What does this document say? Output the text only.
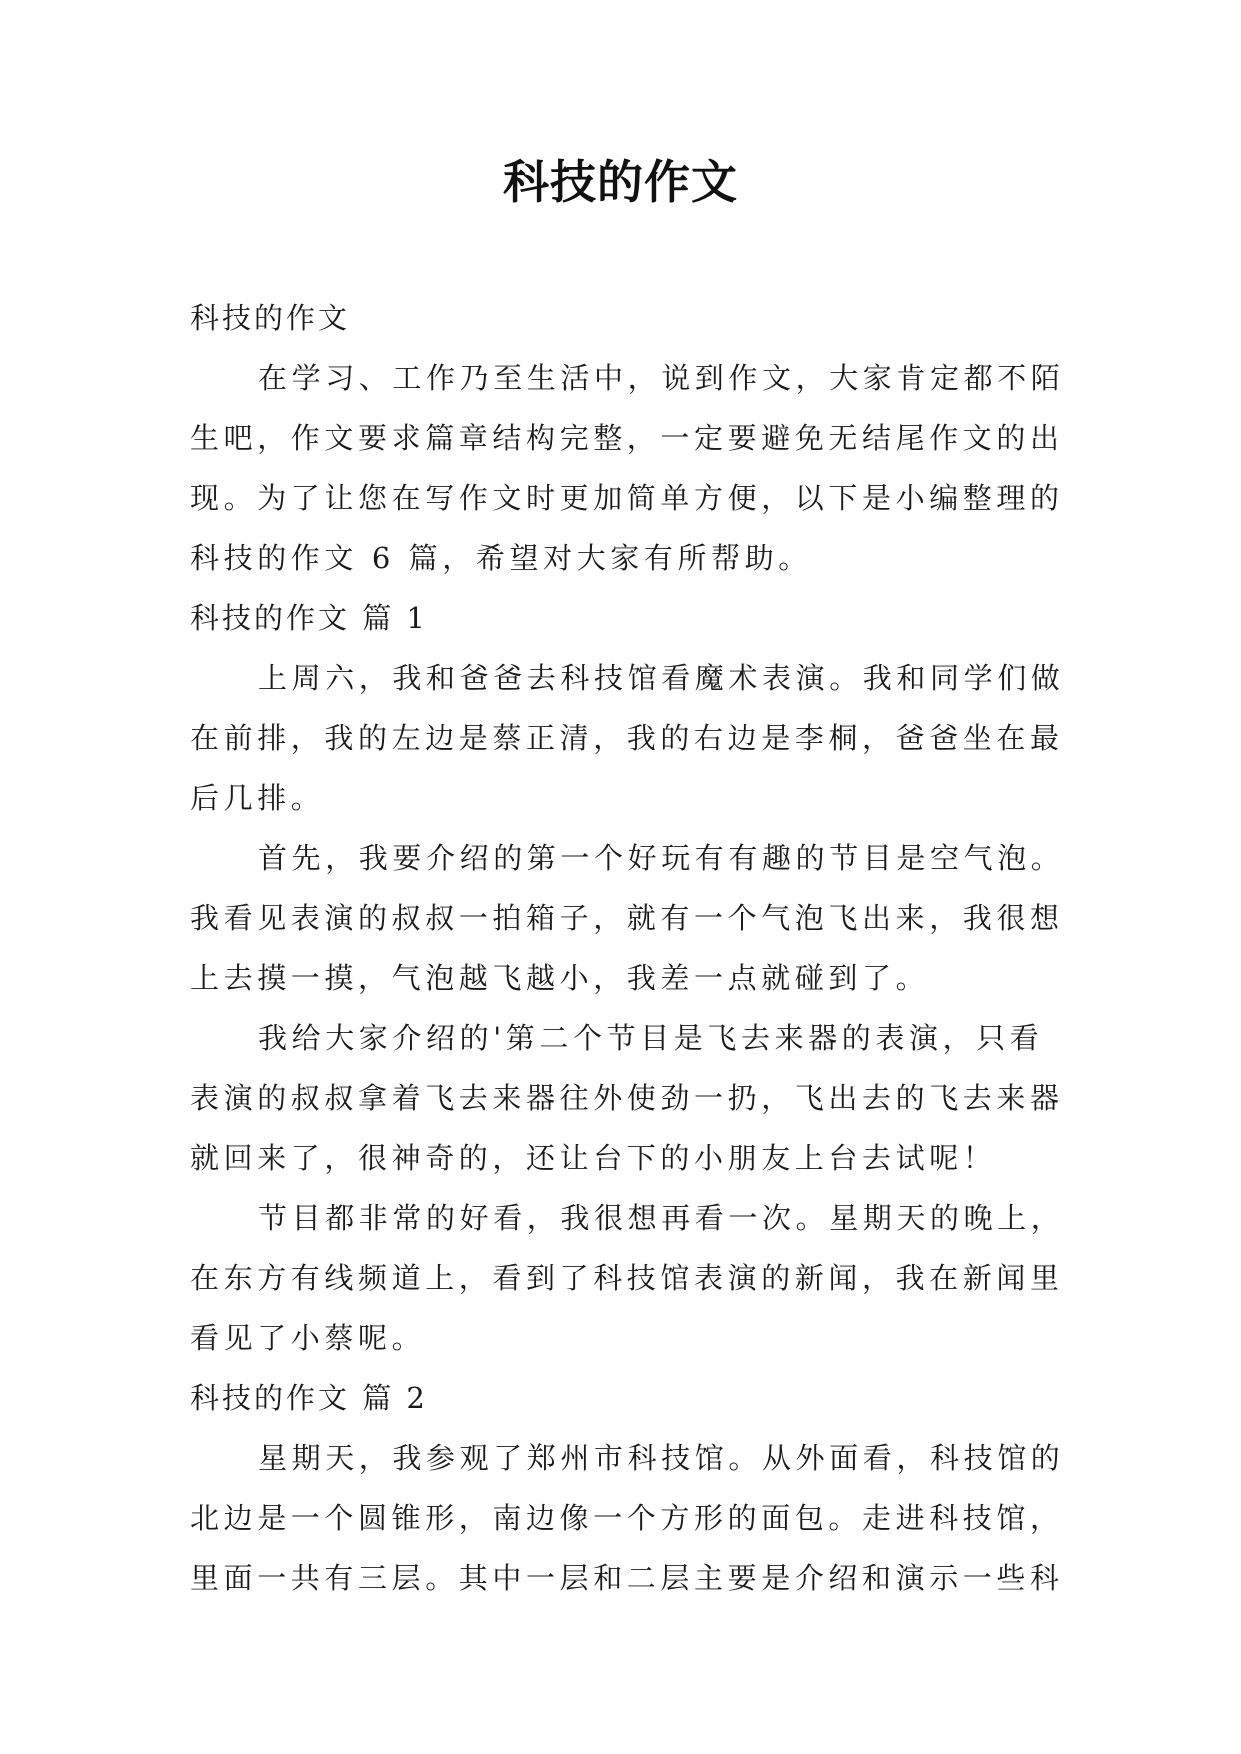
科技的作文
科技的作文
在学习、工作乃至生活中，说到作文，大家肯定都不陌
生吧，作文要求篇章结构完整，一定要避免无结尾作文的出
现。为了让您在写作文时更加简单方便，以下是小编整理的
科技的作文 6 篇，希望对大家有所帮助。
科技的作文 篇 1
上周六，我和爸爸去科技馆看魔术表演。我和同学们做
在前排，我的左边是蔡正清，我的右边是李桐，爸爸坐在最
后几排。
首先，我要介绍的第一个好玩有有趣的节目是空气泡。
我看见表演的叔叔一拍箱子，就有一个气泡飞出来，我很想
上去摸一摸，气泡越飞越小，我差一点就碰到了。
我给大家介绍的'第二个节目是飞去来器的表演，只看
表演的叔叔拿着飞去来器往外使劲一扔，飞出去的飞去来器
就回来了，很神奇的，还让台下的小朋友上台去试呢！
节目都非常的好看，我很想再看一次。星期天的晚上，
在东方有线频道上，看到了科技馆表演的新闻，我在新闻里
看见了小蔡呢。
科技的作文 篇 2
星期天，我参观了郑州市科技馆。从外面看，科技馆的
北边是一个圆锥形，南边像一个方形的面包。走进科技馆，
里面一共有三层。其中一层和二层主要是介绍和演示一些科
